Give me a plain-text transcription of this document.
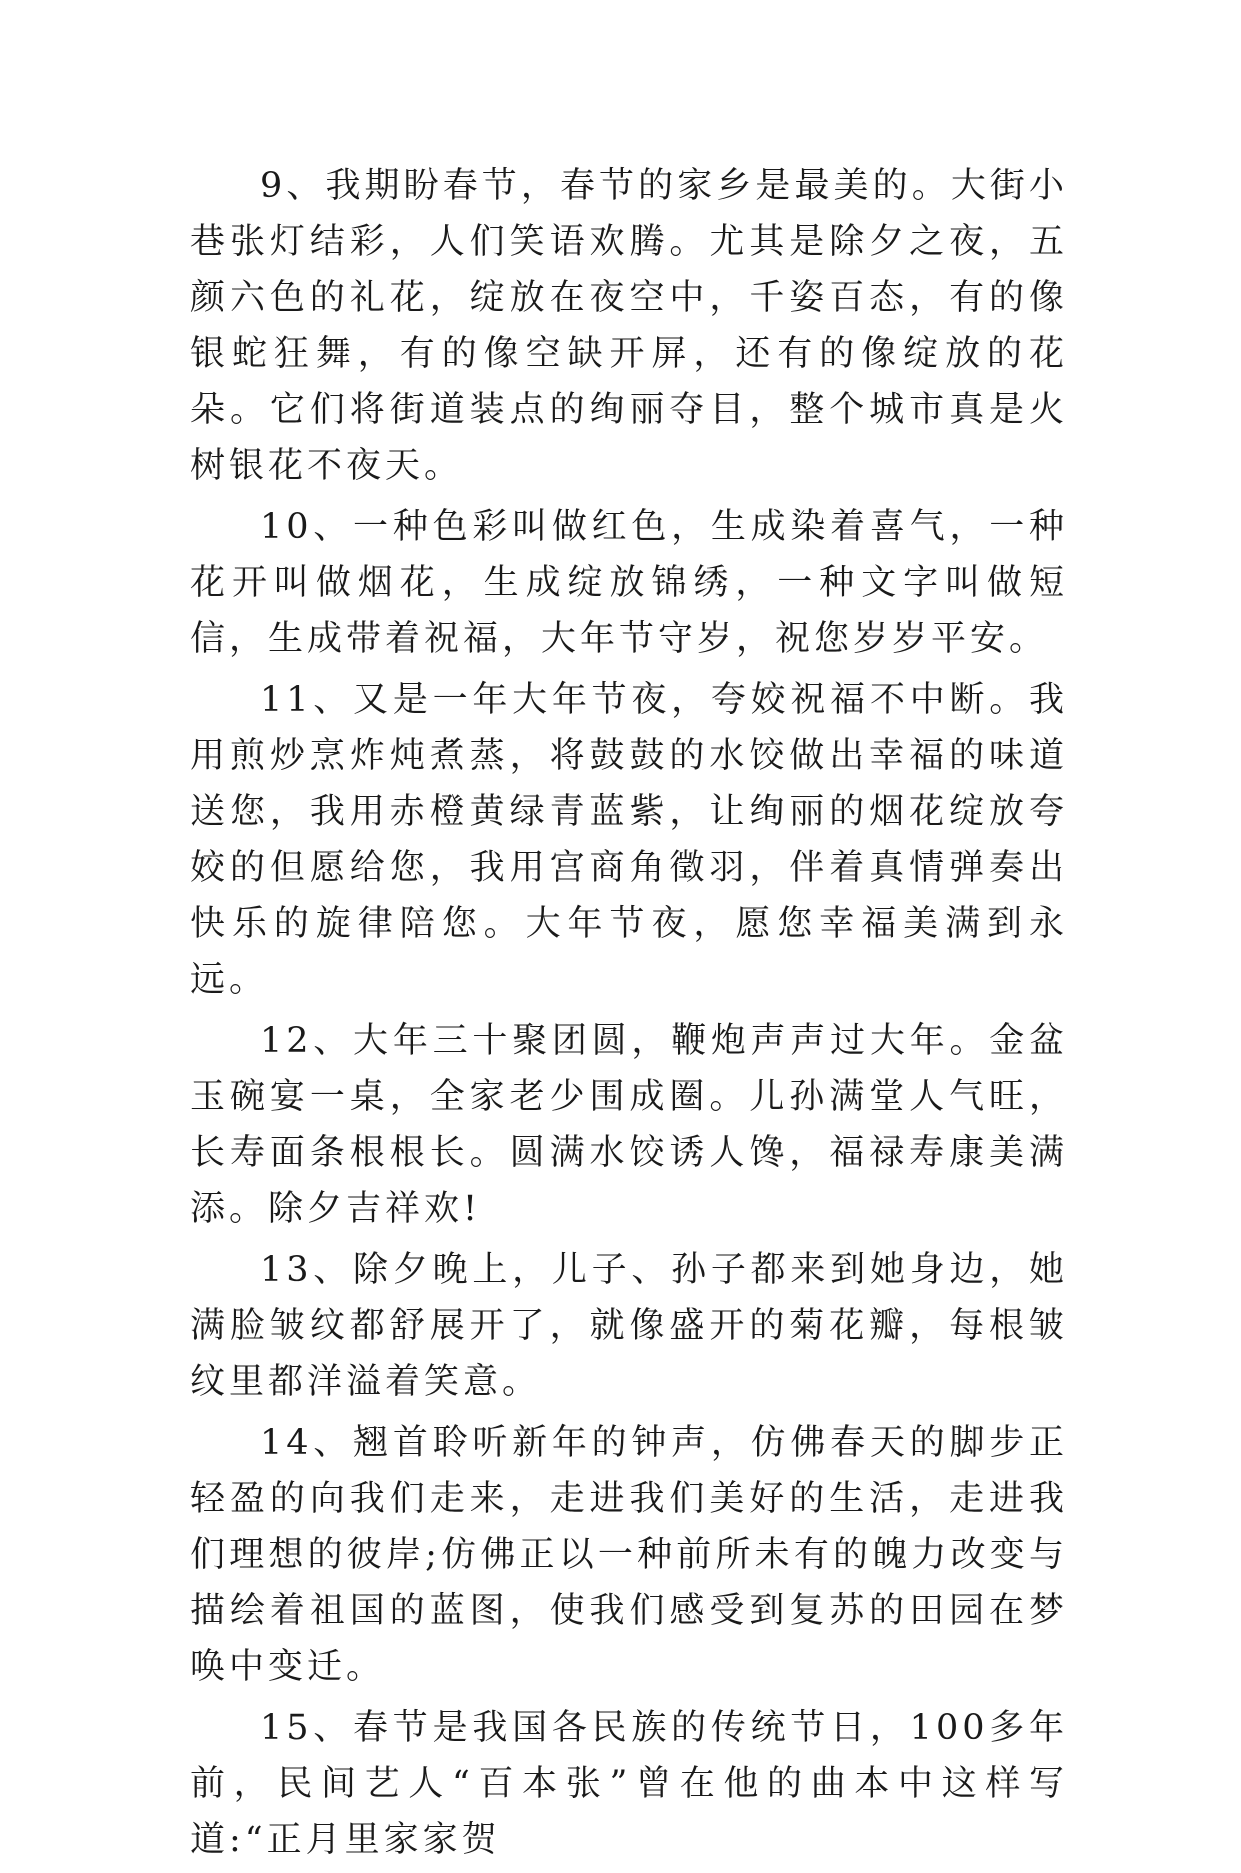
9、我期盼春节，春节的家乡是最美的。大街小巷张灯结彩，人们笑语欢腾。尤其是除夕之夜，五颜六色的礼花，绽放在夜空中，千姿百态，有的像银蛇狂舞，有的像空缺开屏，还有的像绽放的花朵。它们将街道装点的绚丽夺目，整个城市真是火树银花不夜天。

10、一种色彩叫做红色，生成染着喜气，一种花开叫做烟花，生成绽放锦绣，一种文字叫做短信，生成带着祝福，大年节守岁，祝您岁岁平安。

11、又是一年大年节夜，夸姣祝福不中断。我用煎炒烹炸炖煮蒸，将鼓鼓的水饺做出幸福的味道送您，我用赤橙黄绿青蓝紫，让绚丽的烟花绽放夸姣的但愿给您，我用宫商角徵羽，伴着真情弹奏出快乐的旋律陪您。大年节夜，愿您幸福美满到永远。

12、大年三十聚团圆，鞭炮声声过大年。金盆玉碗宴一桌，全家老少围成圈。儿孙满堂人气旺，长寿面条根根长。圆满水饺诱人馋，福禄寿康美满添。除夕吉祥欢!

13、除夕晚上，儿子、孙子都来到她身边，她满脸皱纹都舒展开了，就像盛开的菊花瓣，每根皱纹里都洋溢着笑意。

14、翘首聆听新年的钟声，仿佛春天的脚步正轻盈的向我们走来，走进我们美好的生活，走进我们理想的彼岸;仿佛正以一种前所未有的魄力改变与描绘着祖国的蓝图，使我们感受到复苏的田园在梦唤中变迁。

15、春节是我国各民族的传统节日，100多年前，民间艺人“百本张”曾在他的曲本中这样写道:“正月里家家贺
